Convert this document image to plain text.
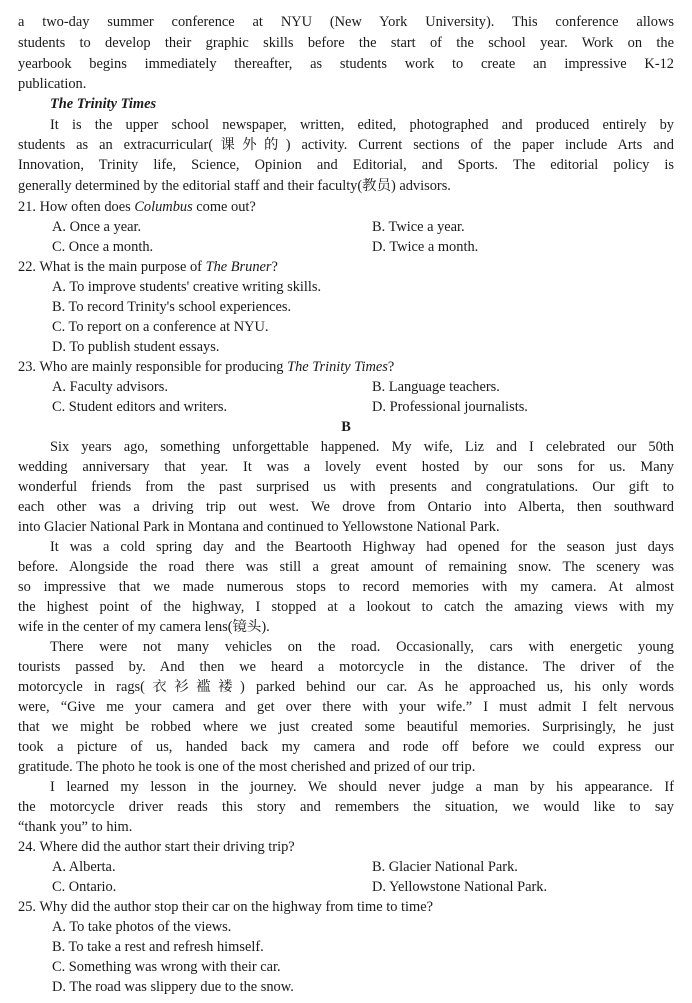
a two-day summer conference at NYU (New York University). This conference allows
students to develop their graphic skills before the start of the school year. Work on the
yearbook begins immediately thereafter, as students work to create an impressive K-12
publication.
The Trinity Times
It is the upper school newspaper, written, edited, photographed and produced entirely by
students as an extracurricular(课外的) activity. Current sections of the paper include Arts and
Innovation, Trinity life, Science, Opinion and Editorial, and Sports. The editorial policy is
generally determined by the editorial staff and their faculty(教员) advisors.
21. How often does Columbus come out?
A. Once a year.	B. Twice a year.
C. Once a month.	D. Twice a month.
22. What is the main purpose of The Bruner?
A. To improve students' creative writing skills.
B. To record Trinity's school experiences.
C. To report on a conference at NYU.
D. To publish student essays.
23. Who are mainly responsible for producing The Trinity Times?
A. Faculty advisors.	B. Language teachers.
C. Student editors and writers.	D. Professional journalists.
B
Six years ago, something unforgettable happened. My wife, Liz and I celebrated our 50th
wedding anniversary that year. It was a lovely event hosted by our sons for us. Many
wonderful friends from the past surprised us with presents and congratulations. Our gift to
each other was a driving trip out west. We drove from Ontario into Alberta, then southward
into Glacier National Park in Montana and continued to Yellowstone National Park.
It was a cold spring day and the Beartooth Highway had opened for the season just days
before. Alongside the road there was still a great amount of remaining snow. The scenery was
so impressive that we made numerous stops to record memories with my camera. At almost
the highest point of the highway, I stopped at a lookout to catch the amazing views with my
wife in the center of my camera lens(镜头).
There were not many vehicles on the road. Occasionally, cars with energetic young
tourists passed by. And then we heard a motorcycle in the distance. The driver of the
motorcycle in rags(衣衫褴褛) parked behind our car. As he approached us, his only words
were, “Give me your camera and get over there with your wife.” I must admit I felt nervous
that we might be robbed where we just created some beautiful memories. Surprisingly, he just
took a picture of us, handed back my camera and rode off before we could express our
gratitude. The photo he took is one of the most cherished and prized of our trip.
I learned my lesson in the journey. We should never judge a man by his appearance. If
the motorcycle driver reads this story and remembers the situation, we would like to say
“thank you” to him.
24. Where did the author start their driving trip?
A. Alberta.	B. Glacier National Park.
C. Ontario.	D. Yellowstone National Park.
25. Why did the author stop their car on the highway from time to time?
A. To take photos of the views.
B. To take a rest and refresh himself.
C. Something was wrong with their car.
D. The road was slippery due to the snow.
